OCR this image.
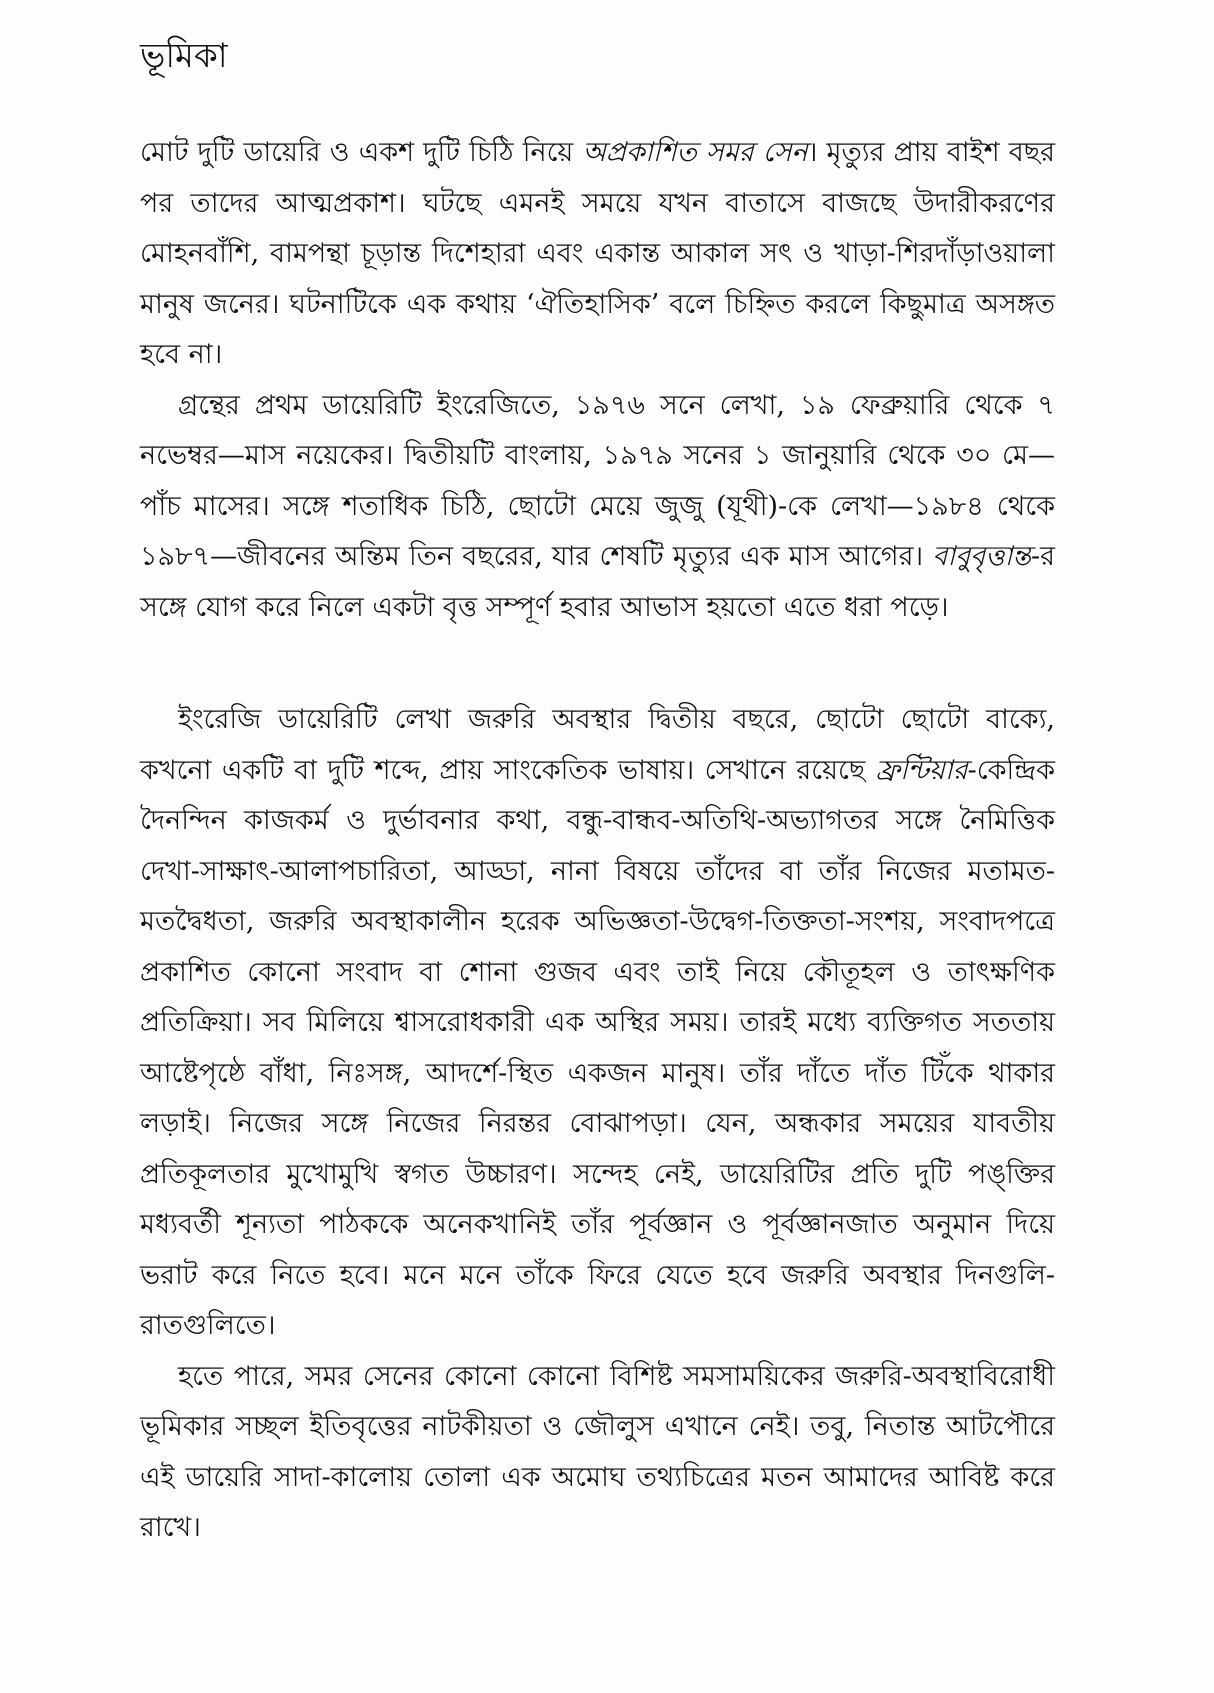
ভূমিকা

মোট দুটি ডায়েরি ও একশ দুটি চিঠি নিয়ে অপ্রকাশিত সমর সেন। মৃত্যুর প্রায় বাইশ বছর পর তাদের আত্মপ্রকাশ। ঘটছে এমনই সময়ে যখন বাতাসে বাজছে উদারীকরণের মোহনবাঁশি, বামপন্থা চূড়ান্ত দিশেহারা এবং একান্ত আকাল সৎ ও খাড়া-শিরদাঁড়াওয়ালা মানুষ জনের। ঘটনাটিকে এক কথায় ‘ঐতিহাসিক’ বলে চিহ্নিত করলে কিছুমাত্র অসঙ্গত হবে না।

গ্রন্থের প্রথম ডায়েরিটি ইংরেজিতে, ১৯৭৬ সনে লেখা, ১৯ ফেব্রুয়ারি থেকে ৭ নভেম্বর—মাস নয়েকের। দ্বিতীয়টি বাংলায়, ১৯৭৯ সনের ১ জানুয়ারি থেকে ৩০ মে—পাঁচ মাসের। সঙ্গে শতাধিক চিঠি, ছোটো মেয়ে জুজু (যূথী)-কে লেখা—১৯৮৪ থেকে ১৯৮৭—জীবনের অন্তিম তিন বছরের, যার শেষটি মৃত্যুর এক মাস আগের। বাবুবৃত্তান্ত-র সঙ্গে যোগ করে নিলে একটা বৃত্ত সম্পূর্ণ হবার আভাস হয়তো এতে ধরা পড়ে।

ইংরেজি ডায়েরিটি লেখা জরুরি অবস্থার দ্বিতীয় বছরে, ছোটো ছোটো বাক্যে, কখনো একটি বা দুটি শব্দে, প্রায় সাংকেতিক ভাষায়। সেখানে রয়েছে ফ্রন্টিয়ার-কেন্দ্রিক দৈনন্দিন কাজকর্ম ও দুর্ভাবনার কথা, বন্ধু-বান্ধব-অতিথি-অভ্যাগতর সঙ্গে নৈমিত্তিক দেখা-সাক্ষাৎ-আলাপচারিতা, আড্ডা, নানা বিষয়ে তাঁদের বা তাঁর নিজের মতামত-মতদ্বৈধতা, জরুরি অবস্থাকালীন হরেক অভিজ্ঞতা-উদ্বেগ-তিক্ততা-সংশয়, সংবাদপত্রে প্রকাশিত কোনো সংবাদ বা শোনা গুজব এবং তাই নিয়ে কৌতূহল ও তাৎক্ষণিক প্রতিক্রিয়া। সব মিলিয়ে শ্বাসরোধকারী এক অস্থির সময়। তারই মধ্যে ব্যক্তিগত সততায় আষ্টেপৃষ্ঠে বাঁধা, নিঃসঙ্গ, আদর্শে-স্থিত একজন মানুষ। তাঁর দাঁতে দাঁত টিঁকে থাকার লড়াই। নিজের সঙ্গে নিজের নিরন্তর বোঝাপড়া। যেন, অন্ধকার সময়ের যাবতীয় প্রতিকূলতার মুখোমুখি স্বগত উচ্চারণ। সন্দেহ নেই, ডায়েরিটির প্রতি দুটি পঙ্‌ক্তির মধ্যবর্তী শূন্যতা পাঠককে অনেকখানিই তাঁর পূর্বজ্ঞান ও পূর্বজ্ঞানজাত অনুমান দিয়ে ভরাট করে নিতে হবে। মনে মনে তাঁকে ফিরে যেতে হবে জরুরি অবস্থার দিনগুলি-রাতগুলিতে।

হতে পারে, সমর সেনের কোনো কোনো বিশিষ্ট সমসাময়িকের জরুরি-অবস্থাবিরোধী ভূমিকার সচ্ছল ইতিবৃত্তের নাটকীয়তা ও জৌলুস এখানে নেই। তবু, নিতান্ত আটপৌরে এই ডায়েরি সাদা-কালোয় তোলা এক অমোঘ তথ্যচিত্রের মতন আমাদের আবিষ্ট করে রাখে।
